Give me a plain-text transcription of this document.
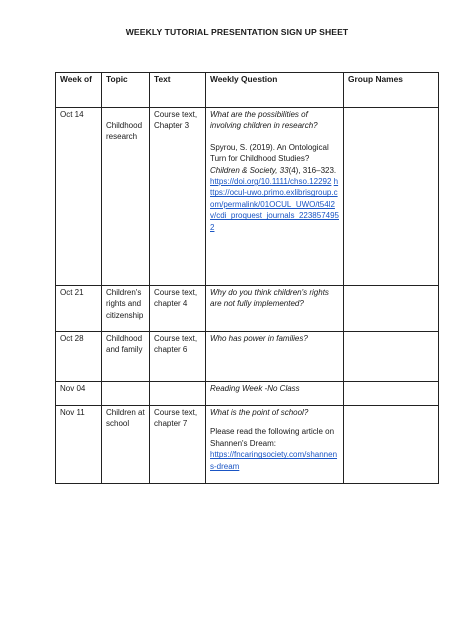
WEEKLY TUTORIAL PRESENTATION SIGN UP SHEET
Week of	Topic	Text	Weekly Question	Group Names
Oct 14	Childhood research	Course text, Chapter 3	What are the possibilities of involving children in research?
Spyrou, S. (2019). An Ontological Turn for Childhood Studies? Children & Society, 33(4), 316–323. https://doi.org/10.1111/chso.12292 https://ocul-uwo.primo.exlibrisgroup.com/permalink/01OCUL_UWO/t54l2v/cdi_proquest_journals_2238574952	

Oct 21	Children's rights and citizenship	Course text, chapter 4	Why do you think children's rights are not fully implemented?	
Oct 28	Childhood and family	Course text, chapter 6	Who has power in families?	
Nov 04			Reading Week -No Class	
Nov 11	Children at school	Course text, chapter 7	What is the point of school?
Please read the following article on Shannen's Dream:
https://fncaringsociety.com/shannens-dream	
